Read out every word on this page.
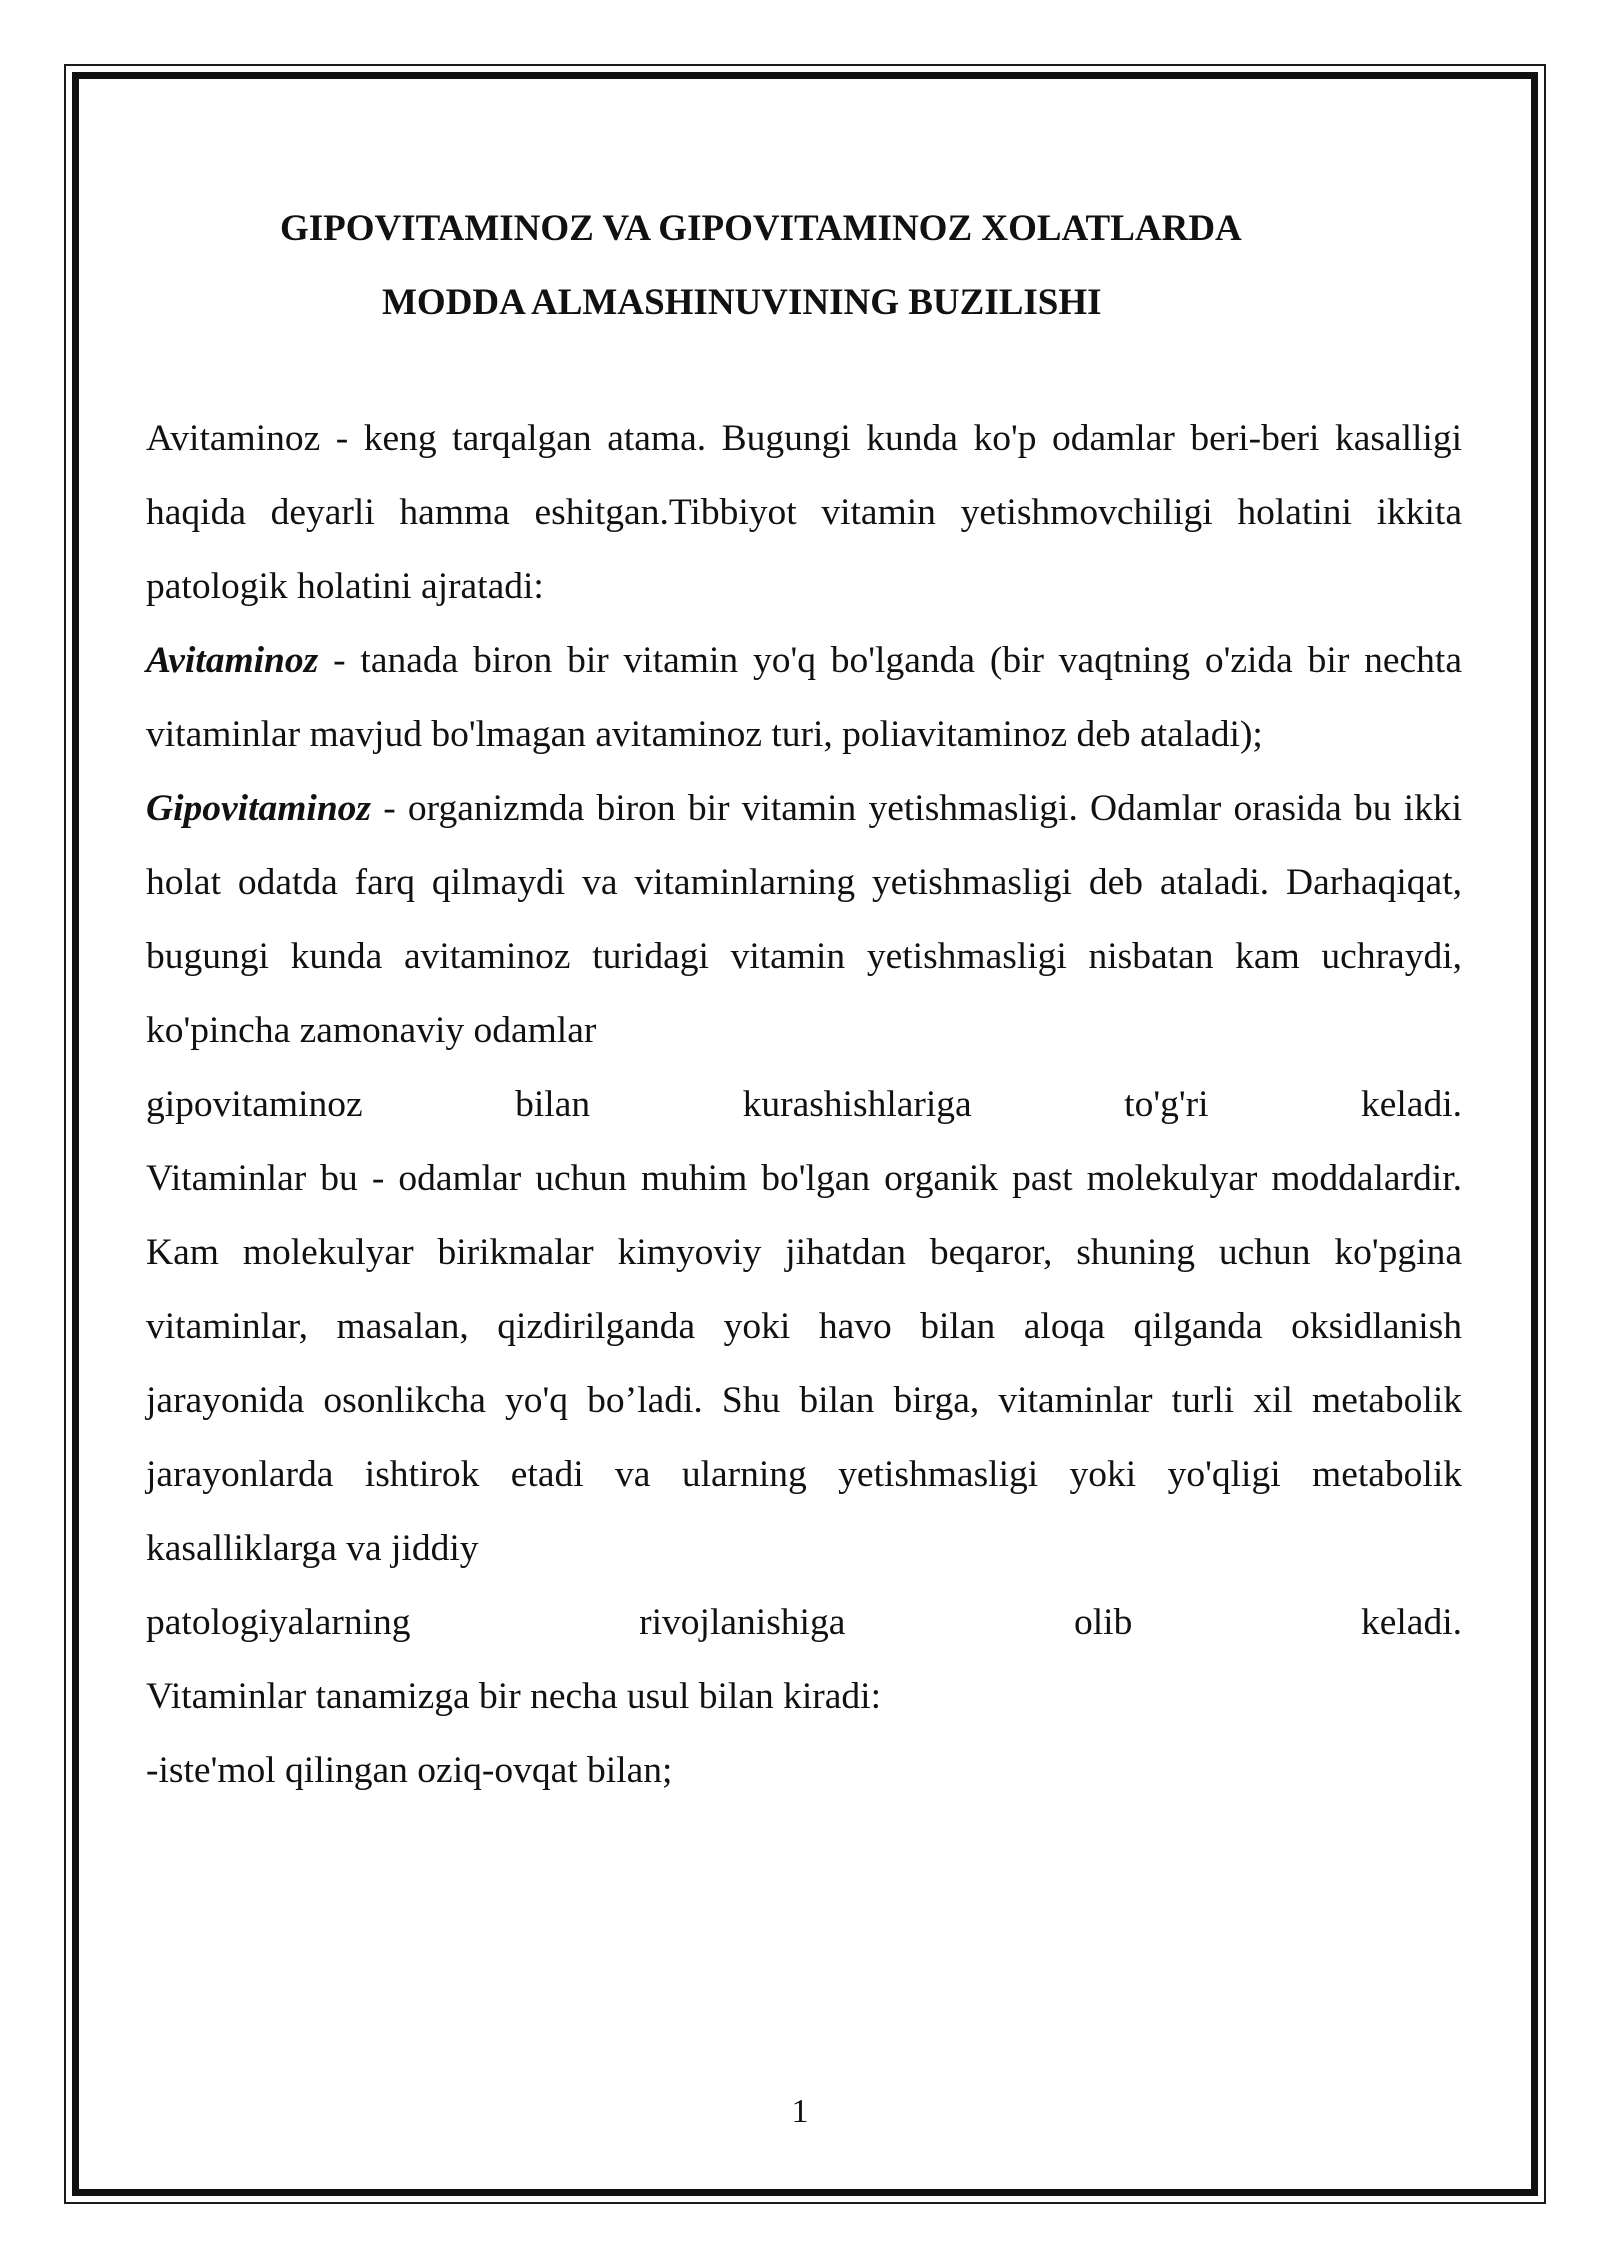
GIPOVITAMINOZ VA GIPOVITAMINOZ XOLATLARDA
MODDA ALMASHINUVINING BUZILISHI

Avitaminoz - keng tarqalgan atama. Bugungi kunda ko'p odamlar beri-beri kasalligi haqida deyarli hamma eshitgan.Tibbiyot vitamin yetishmovchiligi holatini ikkita patologik holatini ajratadi:

Avitaminoz - tanada biron bir vitamin yo'q bo'lganda (bir vaqtning o'zida bir nechta vitaminlar mavjud bo'lmagan avitaminoz turi, poliavitaminoz deb ataladi);

Gipovitaminoz - organizmda biron bir vitamin yetishmasligi. Odamlar orasida bu ikki holat odatda farq qilmaydi va vitaminlarning yetishmasligi deb ataladi. Darhaqiqat, bugungi kunda avitaminoz turidagi vitamin yetishmasligi nisbatan kam uchraydi, ko'pincha zamonaviy odamlar

gipovitaminoz bilan kurashishlariga to'g'ri keladi.

Vitaminlar bu - odamlar uchun muhim bo'lgan organik past molekulyar moddalardir. Kam molekulyar birikmalar kimyoviy jihatdan beqaror, shuning uchun ko'pgina vitaminlar, masalan, qizdirilganda yoki havo bilan aloqa qilganda oksidlanish jarayonida osonlikcha yo'q bo’ladi. Shu bilan birga, vitaminlar turli xil metabolik jarayonlarda ishtirok etadi va ularning yetishmasligi yoki yo'qligi metabolik kasalliklarga va jiddiy

patologiyalarning rivojlanishiga olib keladi.

Vitaminlar tanamizga bir necha usul bilan kiradi:

-iste'mol qilingan oziq-ovqat bilan;

1
